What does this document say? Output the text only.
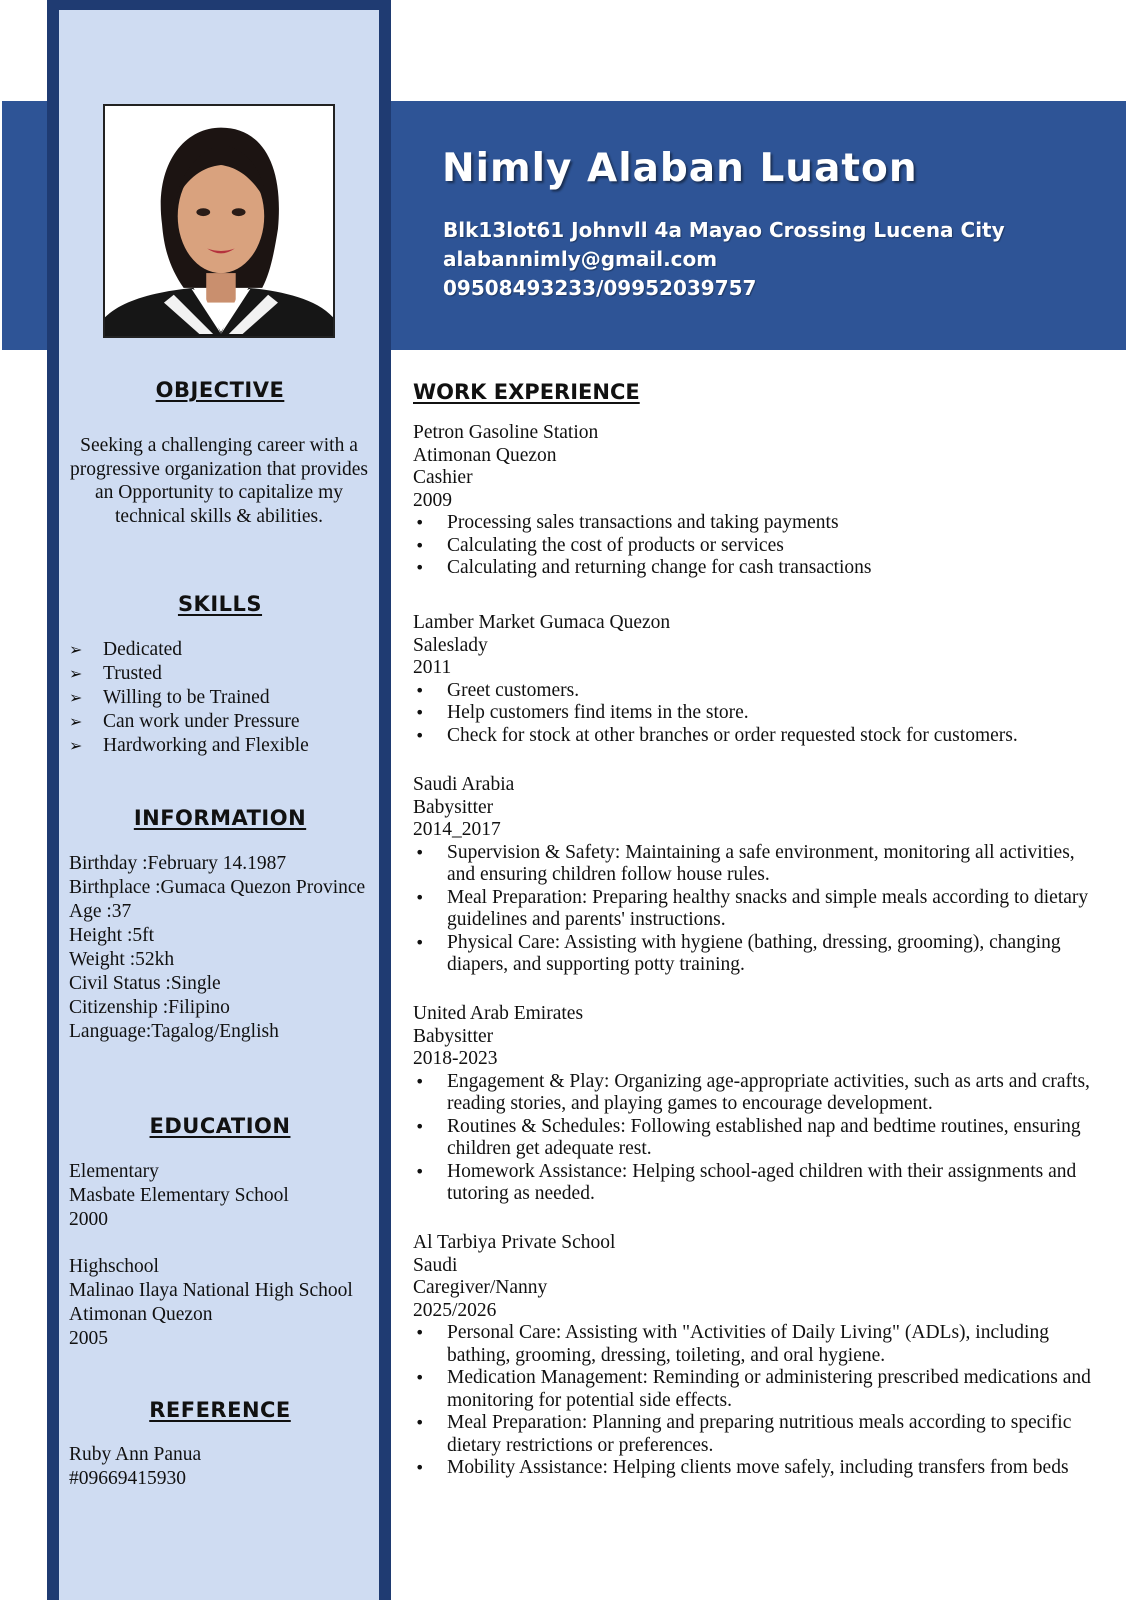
Nimly Alaban Luaton

Blk13lot61 Johnvll 4a Mayao Crossing Lucena City

alabannimly@gmail.com

09508493233/09952039757

OBJECTIVE

Seeking a challenging career with a progressive organization that provides an Opportunity to capitalize my technical skills & abilities.

SKILLS
➢ Dedicated
➢ Trusted
➢ Willing to be Trained
➢ Can work under Pressure
➢ Hardworking and Flexible
INFORMATION
Birthday :February 14.1987
Birthplace :Gumaca Quezon Province
Age :37
Height :5ft
Weight :52kh
Civil Status :Single
Citizenship :Filipino
Language:Tagalog/English
EDUCATION
Elementary
Masbate Elementary School
2000
Highschool
Malinao Ilaya National High School Atimonan Quezon
2005
REFERENCE
Ruby Ann Panua
#09669415930
WORK EXPERIENCE
Petron Gasoline Station
Atimonan Quezon
Cashier
2009
• Processing sales transactions and taking payments
• Calculating the cost of products or services
• Calculating and returning change for cash transactions
Lamber Market Gumaca Quezon
Saleslady
2011
• Greet customers.
• Help customers find items in the store.
• Check for stock at other branches or order requested stock for customers.
Saudi Arabia
Babysitter
2014_2017
• Supervision & Safety: Maintaining a safe environment, monitoring all activities, and ensuring children follow house rules.
• Meal Preparation: Preparing healthy snacks and simple meals according to dietary guidelines and parents' instructions.
• Physical Care: Assisting with hygiene (bathing, dressing, grooming), changing diapers, and supporting potty training.
United Arab Emirates
Babysitter
2018-2023
• Engagement & Play: Organizing age-appropriate activities, such as arts and crafts, reading stories, and playing games to encourage development.
• Routines & Schedules: Following established nap and bedtime routines, ensuring children get adequate rest.
• Homework Assistance: Helping school-aged children with their assignments and tutoring as needed.
Al Tarbiya Private School
Saudi
Caregiver/Nanny
2025/2026
• Personal Care: Assisting with "Activities of Daily Living" (ADLs), including bathing, grooming, dressing, toileting, and oral hygiene.
• Medication Management: Reminding or administering prescribed medications and monitoring for potential side effects.
• Meal Preparation: Planning and preparing nutritious meals according to specific dietary restrictions or preferences.
• Mobility Assistance: Helping clients move safely, including transfers from beds
